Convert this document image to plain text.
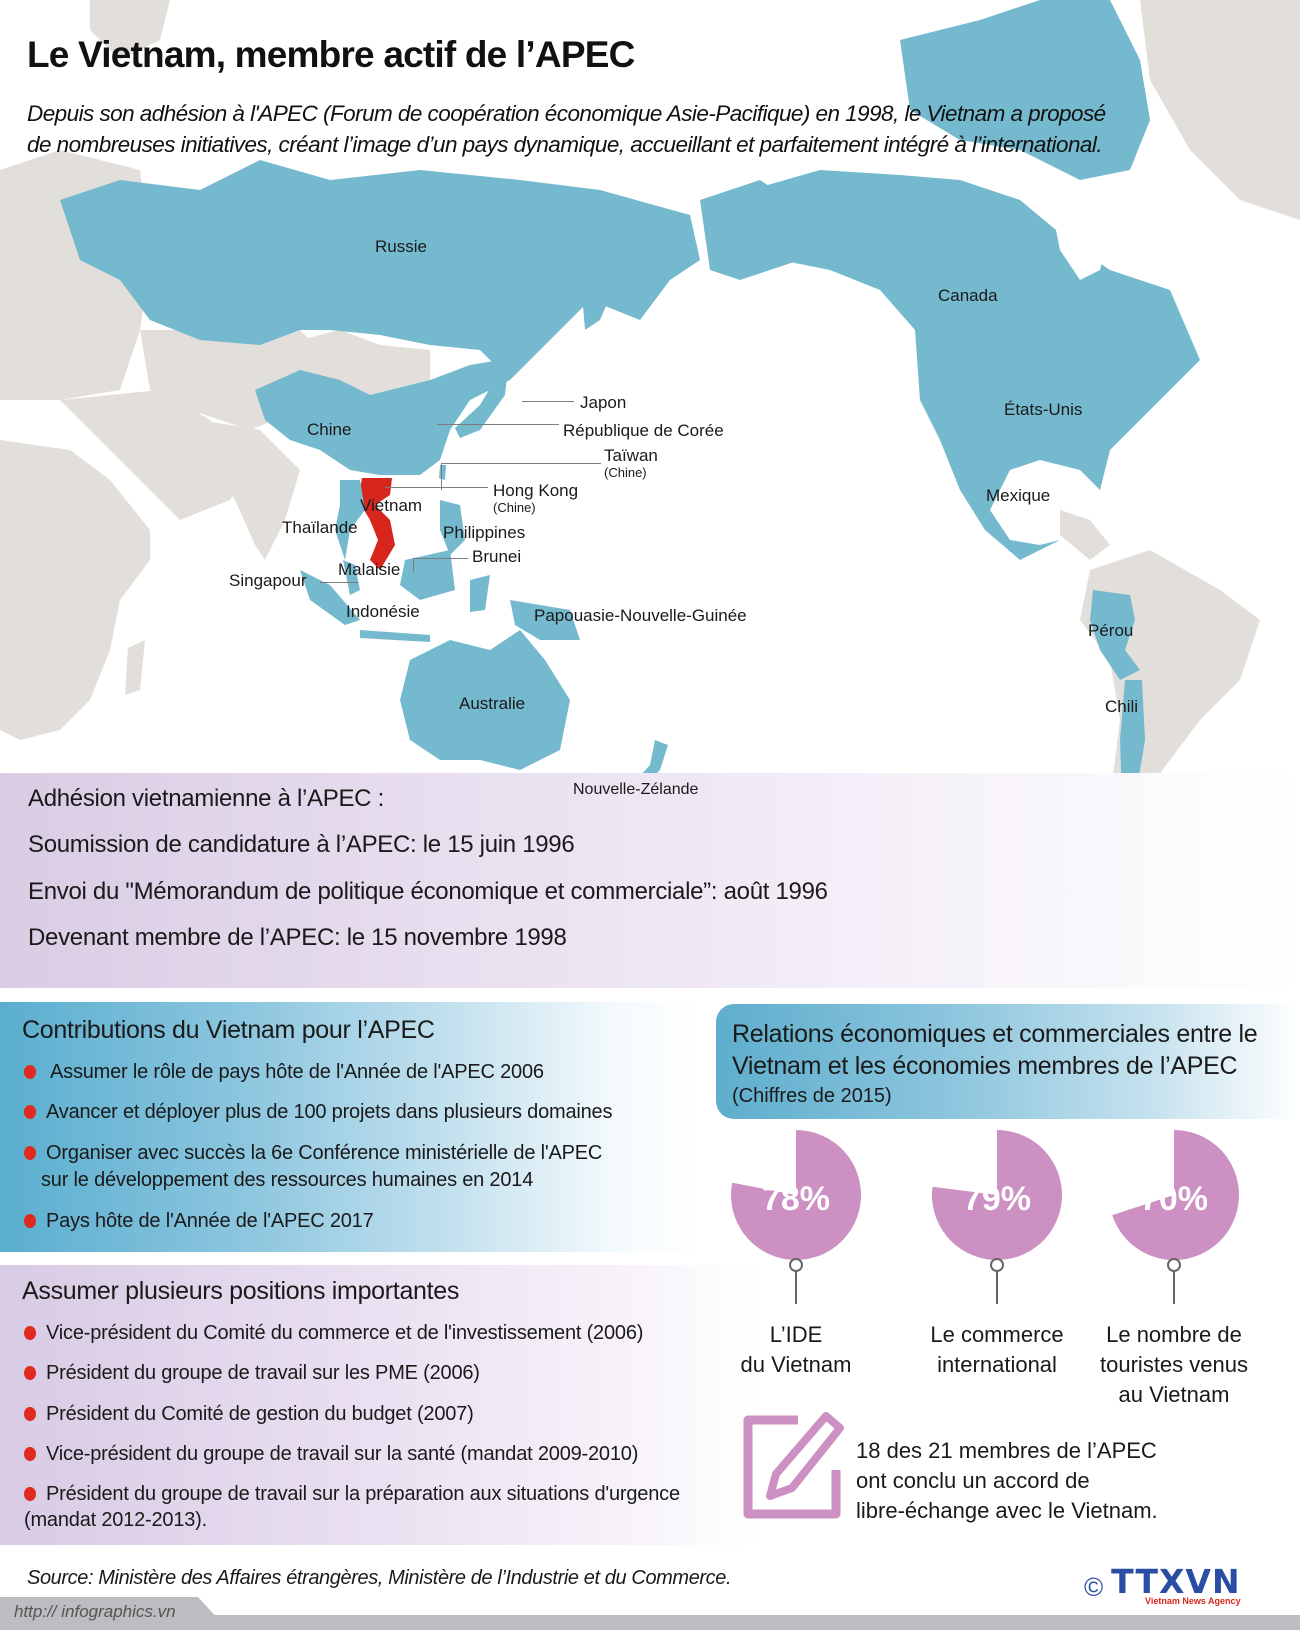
Russie
Chine
Japon
République de Corée
Taïwan
(Chine)
Hong Kong
(Chine)
Vietnam
Thaïlande	Philippines
Brunei
Malaisie
Singapour
Indonésie	Papouasie-Nouvelle-Guinée
Australie
Nouvelle-Zélande
Canada
États-Unis
Mexique
Pérou
Chili
Le Vietnam, membre actif de l’APEC
Depuis son adhésion à l'APEC (Forum de coopération économique Asie-Pacifique) en 1998, le Vietnam a proposé
de nombreuses initiatives, créant l’image d’un pays dynamique, accueillant et parfaitement intégré à l’international.
Adhésion vietnamienne à l’APEC :
Soumission de candidature à l’APEC: le 15 juin 1996
Envoi du "Mémorandum de politique économique et commerciale”: août 1996
Devenant membre de l’APEC: le 15 novembre 1998
Contributions du Vietnam pour l’APEC
Assumer le rôle de pays hôte de l'Année de l'APEC 2006
Avancer et déployer plus de 100 projets dans plusieurs domaines
Organiser avec succès la 6e Conférence ministérielle de l'APEC
sur le développement des ressources humaines en 2014
Pays hôte de l'Année de l'APEC 2017
Assumer plusieurs positions importantes
Vice-président du Comité du commerce et de l'investissement (2006)
Président du groupe de travail sur les PME (2006)
Président du Comité de gestion du budget (2007)
Vice-président du groupe de travail sur la santé (mandat 2009-2010)
Président du groupe de travail sur la préparation aux situations d'urgence
(mandat 2012-2013).
Relations économiques et commerciales entre le
Vietnam et les économies membres de l’APEC
(Chiffres de 2015)
78%
L’IDE
du Vietnam
79%
Le commerce
international
70%
Le nombre de
touristes venus
au Vietnam
18 des 21 membres de l’APEC
ont conclu un accord de
libre-échange avec le Vietnam.
Source: Ministère des Affaires étrangères, Ministère de l’Industrie et du Commerce.
http:// infographics.vn
© TTXVN
Vietnam News Agency
